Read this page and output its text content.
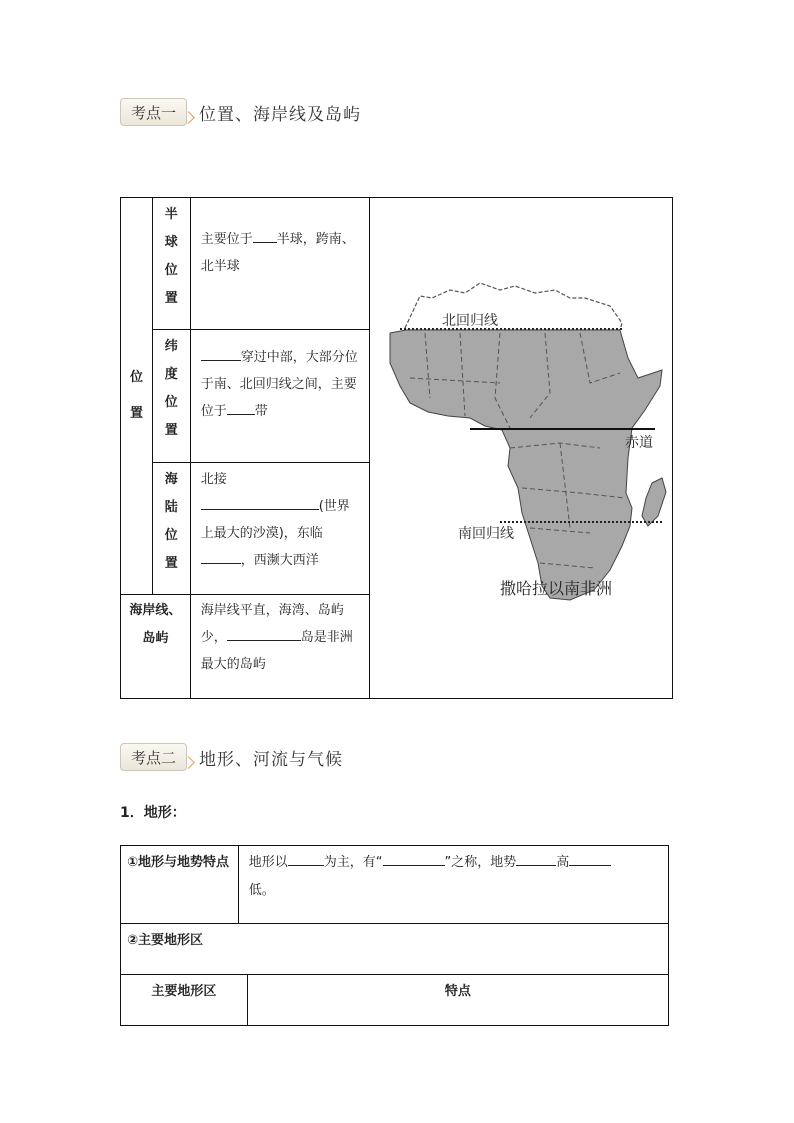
考点一	位置、海岸线及岛屿
位置	半球位置	主要位于 半球，跨南、北半球	北回归线
赤道
南回归线
撒哈拉以南非洲

	纬度位置	穿过中部，大部分位于南、北回归线之间，主要位于 带	
	海陆位置	北接
(世界上最大的沙漠)，东临，西濒大西洋	
海岸线、岛屿		海岸线平直，海湾、岛屿少， 岛是非洲最大的岛屿	
考点二	地形、河流与气候
1．地形：
①地形与地势特点	地形以 为主，有“ ”之称，地势 高
低。	
②主要地形区		
主要地形区		特点
